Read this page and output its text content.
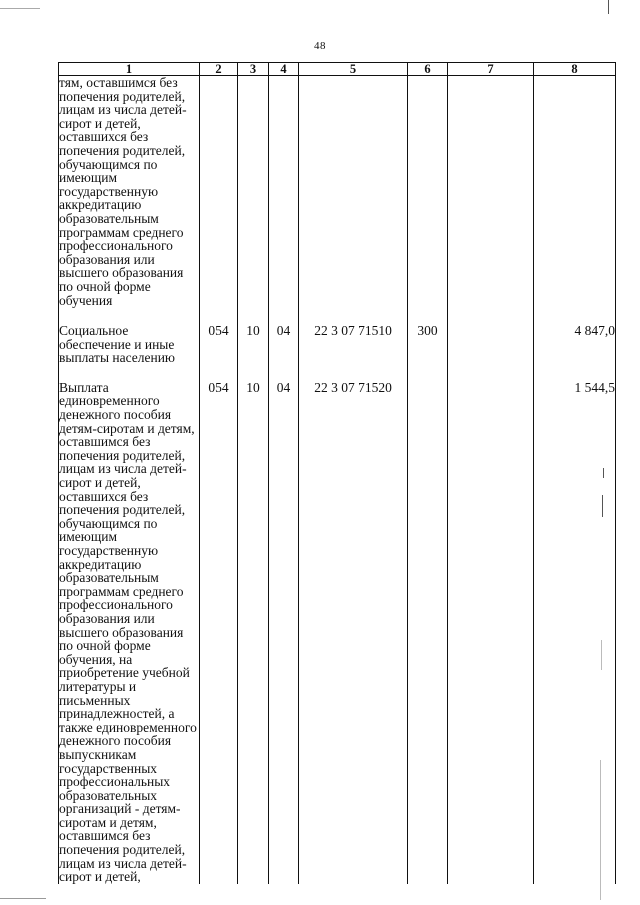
48
1	2	3	4	5	6	7	8
тям, оставшимся без попечения родителей, лицам из числа детей-сирот и детей, оставшихся без попечения родителей, обучающимся по имеющим государственную аккредитацию образовательным программам среднего профессионального образования или высшего образования по очной форме обучения							
Социальное обеспечение и иные выплаты населению	054	10	04	22 3 07 71510	300		4 847,0
Выплата единовременного денежного пособия детям-сиротам и детям, оставшимся без попечения родителей, лицам из числа детей-сирот и детей, оставшихся без попечения родителей, обучающимся по имеющим государственную аккредитацию образовательным программам среднего профессионального образования или высшего образования по очной форме обучения, на приобретение учебной литературы и письменных принадлежностей, а также единовременного денежного пособия выпускникам государственных профессиональных образовательных организаций - детям-сиротам и детям, оставшимся без попечения родителей, лицам из числа детей-сирот и детей,	054	10	04	22 3 07 71520			1 544,5
